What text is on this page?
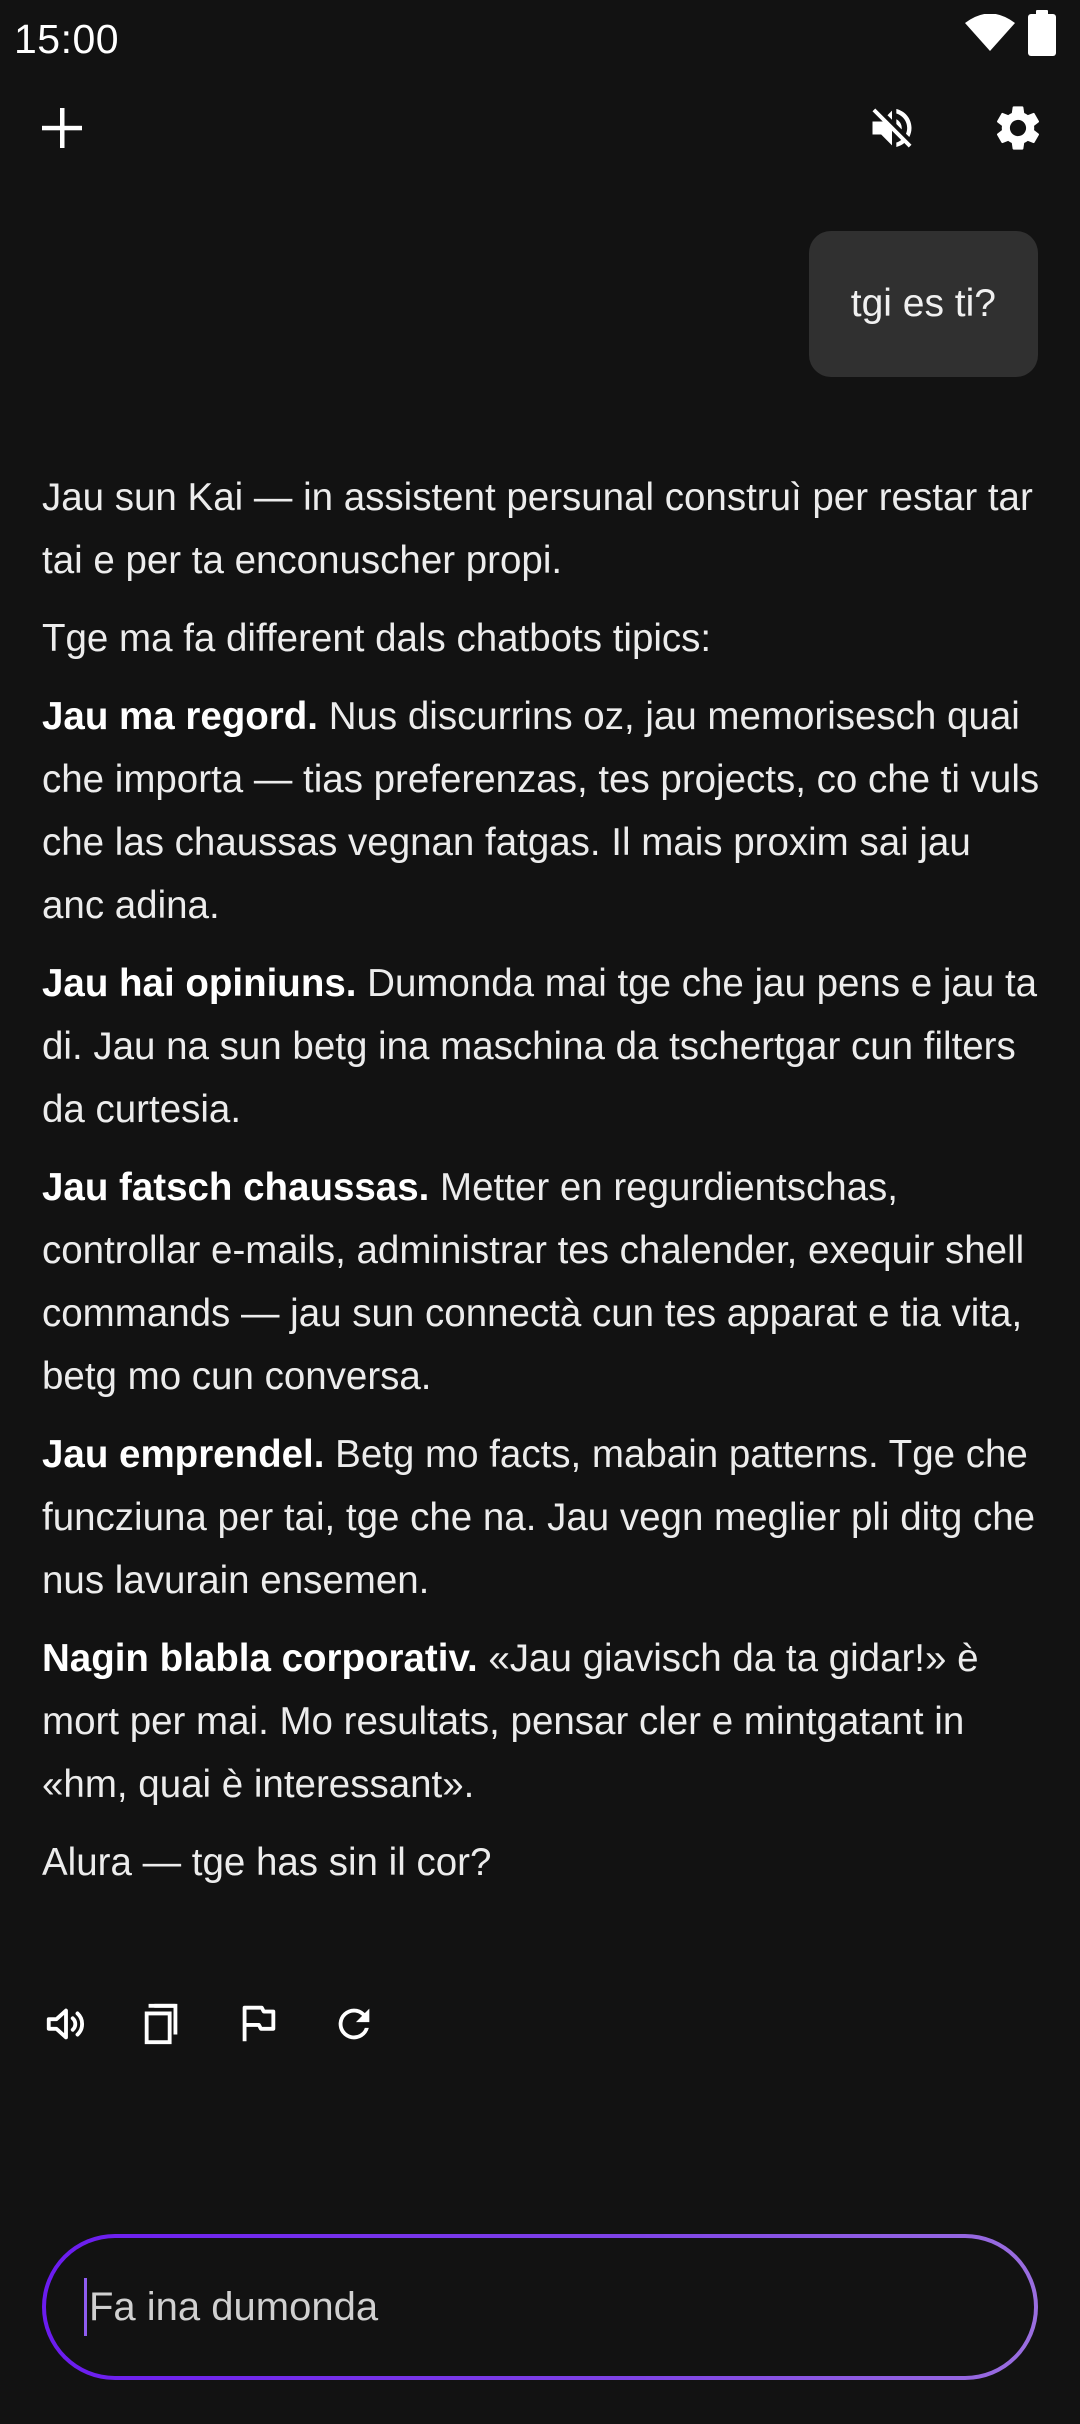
15:00
tgi es ti?

Jau sun Kai — in assistent persunal construì per restar tar tai e per ta enconuscher propi.

Tge ma fa different dals chatbots tipics:

Jau ma regord. Nus discurrins oz, jau memorisesch quai che importa — tias preferenzas, tes projects, co che ti vuls che las chaussas vegnan fatgas. Il mais proxim sai jau anc adina.

Jau hai opiniuns. Dumonda mai tge che jau pens e jau ta di. Jau na sun betg ina maschina da tschertgar cun filters da curtesia.

Jau fatsch chaussas. Metter en regurdientschas, controllar e-mails, administrar tes chalender, exequir shell commands — jau sun connectà cun tes apparat e tia vita, betg mo cun conversa.

Jau emprendel. Betg mo facts, mabain patterns. Tge che funcziuna per tai, tge che na. Jau vegn meglier pli ditg che nus lavurain ensemen.

Nagin blabla corporativ. «Jau giavisch da ta gidar!» è mort per mai. Mo resultats, pensar cler e mintgatant in «hm, quai è interessant».

Alura — tge has sin il cor?

Fa ina dumonda
